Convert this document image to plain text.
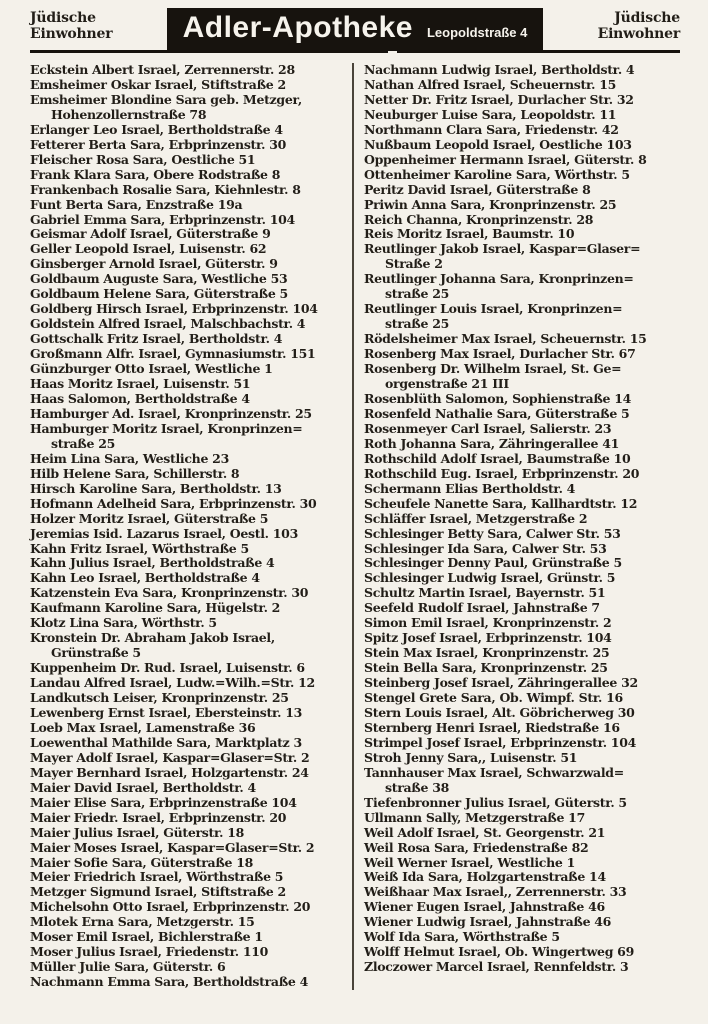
Jüdische
Einwohner Adler-Apotheke Leopoldstraße 4
Jüdische
Einwohner
Eckstein Albert Israel, Zerrennerstr. 28
Emsheimer Oskar Israel, Stiftstraße 2
Emsheimer Blondine Sara geb. Metzger,
Hohenzollernstraße 78
Erlanger Leo Israel, Bertholdstraße 4
Fetterer Berta Sara, Erbprinzenstr. 30
Fleischer Rosa Sara, Oestliche 51
Frank Klara Sara, Obere Rodstraße 8
Frankenbach Rosalie Sara, Kiehnlestr. 8
Funt Berta Sara, Enzstraße 19a
Gabriel Emma Sara, Erbprinzenstr. 104
Geismar Adolf Israel, Güterstraße 9
Geller Leopold Israel, Luisenstr. 62
Ginsberger Arnold Israel, Güterstr. 9
Goldbaum Auguste Sara, Westliche 53
Goldbaum Helene Sara, Güterstraße 5
Goldberg Hirsch Israel, Erbprinzenstr. 104
Goldstein Alfred Israel, Malschbachstr. 4
Gottschalk Fritz Israel, Bertholdstr. 4
Großmann Alfr. Israel, Gymnasiumstr. 151
Günzburger Otto Israel, Westliche 1
Haas Moritz Israel, Luisenstr. 51
Haas Salomon, Bertholdstraße 4
Hamburger Ad. Israel, Kronprinzenstr. 25
Hamburger Moritz Israel, Kronprinzen=
straße 25
Heim Lina Sara, Westliche 23
Hilb Helene Sara, Schillerstr. 8
Hirsch Karoline Sara, Bertholdstr. 13
Hofmann Adelheid Sara, Erbprinzenstr. 30
Holzer Moritz Israel, Güterstraße 5
Jeremias Isid. Lazarus Israel, Oestl. 103
Kahn Fritz Israel, Wörthstraße 5
Kahn Julius Israel, Bertholdstraße 4
Kahn Leo Israel, Bertholdstraße 4
Katzenstein Eva Sara, Kronprinzenstr. 30
Kaufmann Karoline Sara, Hügelstr. 2
Klotz Lina Sara, Wörthstr. 5
Kronstein Dr. Abraham Jakob Israel,
Grünstraße 5
Kuppenheim Dr. Rud. Israel, Luisenstr. 6
Landau Alfred Israel, Ludw.=Wilh.=Str. 12
Landkutsch Leiser, Kronprinzenstr. 25
Lewenberg Ernst Israel, Ebersteinstr. 13
Loeb Max Israel, Lamenstraße 36
Loewenthal Mathilde Sara, Marktplatz 3
Mayer Adolf Israel, Kaspar=Glaser=Str. 2
Mayer Bernhard Israel, Holzgartenstr. 24
Maier David Israel, Bertholdstr. 4
Maier Elise Sara, Erbprinzenstraße 104
Maier Friedr. Israel, Erbprinzenstr. 20
Maier Julius Israel, Güterstr. 18
Maier Moses Israel, Kaspar=Glaser=Str. 2
Maier Sofie Sara, Güterstraße 18
Meier Friedrich Israel, Wörthstraße 5
Metzger Sigmund Israel, Stiftstraße 2
Michelsohn Otto Israel, Erbprinzenstr. 20
Mlotek Erna Sara, Metzgerstr. 15
Moser Emil Israel, Bichlerstraße 1
Moser Julius Israel, Friedenstr. 110
Müller Julie Sara, Güterstr. 6
Nachmann Emma Sara, Bertholdstraße 4
Nachmann Ludwig Israel, Bertholdstr. 4
Nathan Alfred Israel, Scheuernstr. 15
Netter Dr. Fritz Israel, Durlacher Str. 32
Neuburger Luise Sara, Leopoldstr. 11
Northmann Clara Sara, Friedenstr. 42
Nußbaum Leopold Israel, Oestliche 103
Oppenheimer Hermann Israel, Güterstr. 8
Ottenheimer Karoline Sara, Wörthstr. 5
Peritz David Israel, Güterstraße 8
Priwin Anna Sara, Kronprinzenstr. 25
Reich Channa, Kronprinzenstr. 28
Reis Moritz Israel, Baumstr. 10
Reutlinger Jakob Israel, Kaspar=Glaser=
Straße 2
Reutlinger Johanna Sara, Kronprinzen=
straße 25
Reutlinger Louis Israel, Kronprinzen=
straße 25
Rödelsheimer Max Israel, Scheuernstr. 15
Rosenberg Max Israel, Durlacher Str. 67
Rosenberg Dr. Wilhelm Israel, St. Ge=
orgenstraße 21 III
Rosenblüth Salomon, Sophienstraße 14
Rosenfeld Nathalie Sara, Güterstraße 5
Rosenmeyer Carl Israel, Salierstr. 23
Roth Johanna Sara, Zähringerallee 41
Rothschild Adolf Israel, Baumstraße 10
Rothschild Eug. Israel, Erbprinzenstr. 20
Schermann Elias Bertholdstr. 4
Scheufele Nanette Sara, Kallhardtstr. 12
Schläffer Israel, Metzgerstraße 2
Schlesinger Betty Sara, Calwer Str. 53
Schlesinger Ida Sara, Calwer Str. 53
Schlesinger Denny Paul, Grünstraße 5
Schlesinger Ludwig Israel, Grünstr. 5
Schultz Martin Israel, Bayernstr. 51
Seefeld Rudolf Israel, Jahnstraße 7
Simon Emil Israel, Kronprinzenstr. 2
Spitz Josef Israel, Erbprinzenstr. 104
Stein Max Israel, Kronprinzenstr. 25
Stein Bella Sara, Kronprinzenstr. 25
Steinberg Josef Israel, Zähringerallee 32
Stengel Grete Sara, Ob. Wimpf. Str. 16
Stern Louis Israel, Alt. Göbricherweg 30
Sternberg Henri Israel, Riedstraße 16
Strimpel Josef Israel, Erbprinzenstr. 104
Stroh Jenny Sara,, Luisenstr. 51
Tannhauser Max Israel, Schwarzwald=
straße 38
Tiefenbronner Julius Israel, Güterstr. 5
Ullmann Sally, Metzgerstraße 17
Weil Adolf Israel, St. Georgenstr. 21
Weil Rosa Sara, Friedenstraße 82
Weil Werner Israel, Westliche 1
Weiß Ida Sara, Holzgartenstraße 14
Weißhaar Max Israel,, Zerrennerstr. 33
Wiener Eugen Israel, Jahnstraße 46
Wiener Ludwig Israel, Jahnstraße 46
Wolf Ida Sara, Wörthstraße 5
Wolff Helmut Israel, Ob. Wingertweg 69
Zloczower Marcel Israel, Rennfeldstr. 3
